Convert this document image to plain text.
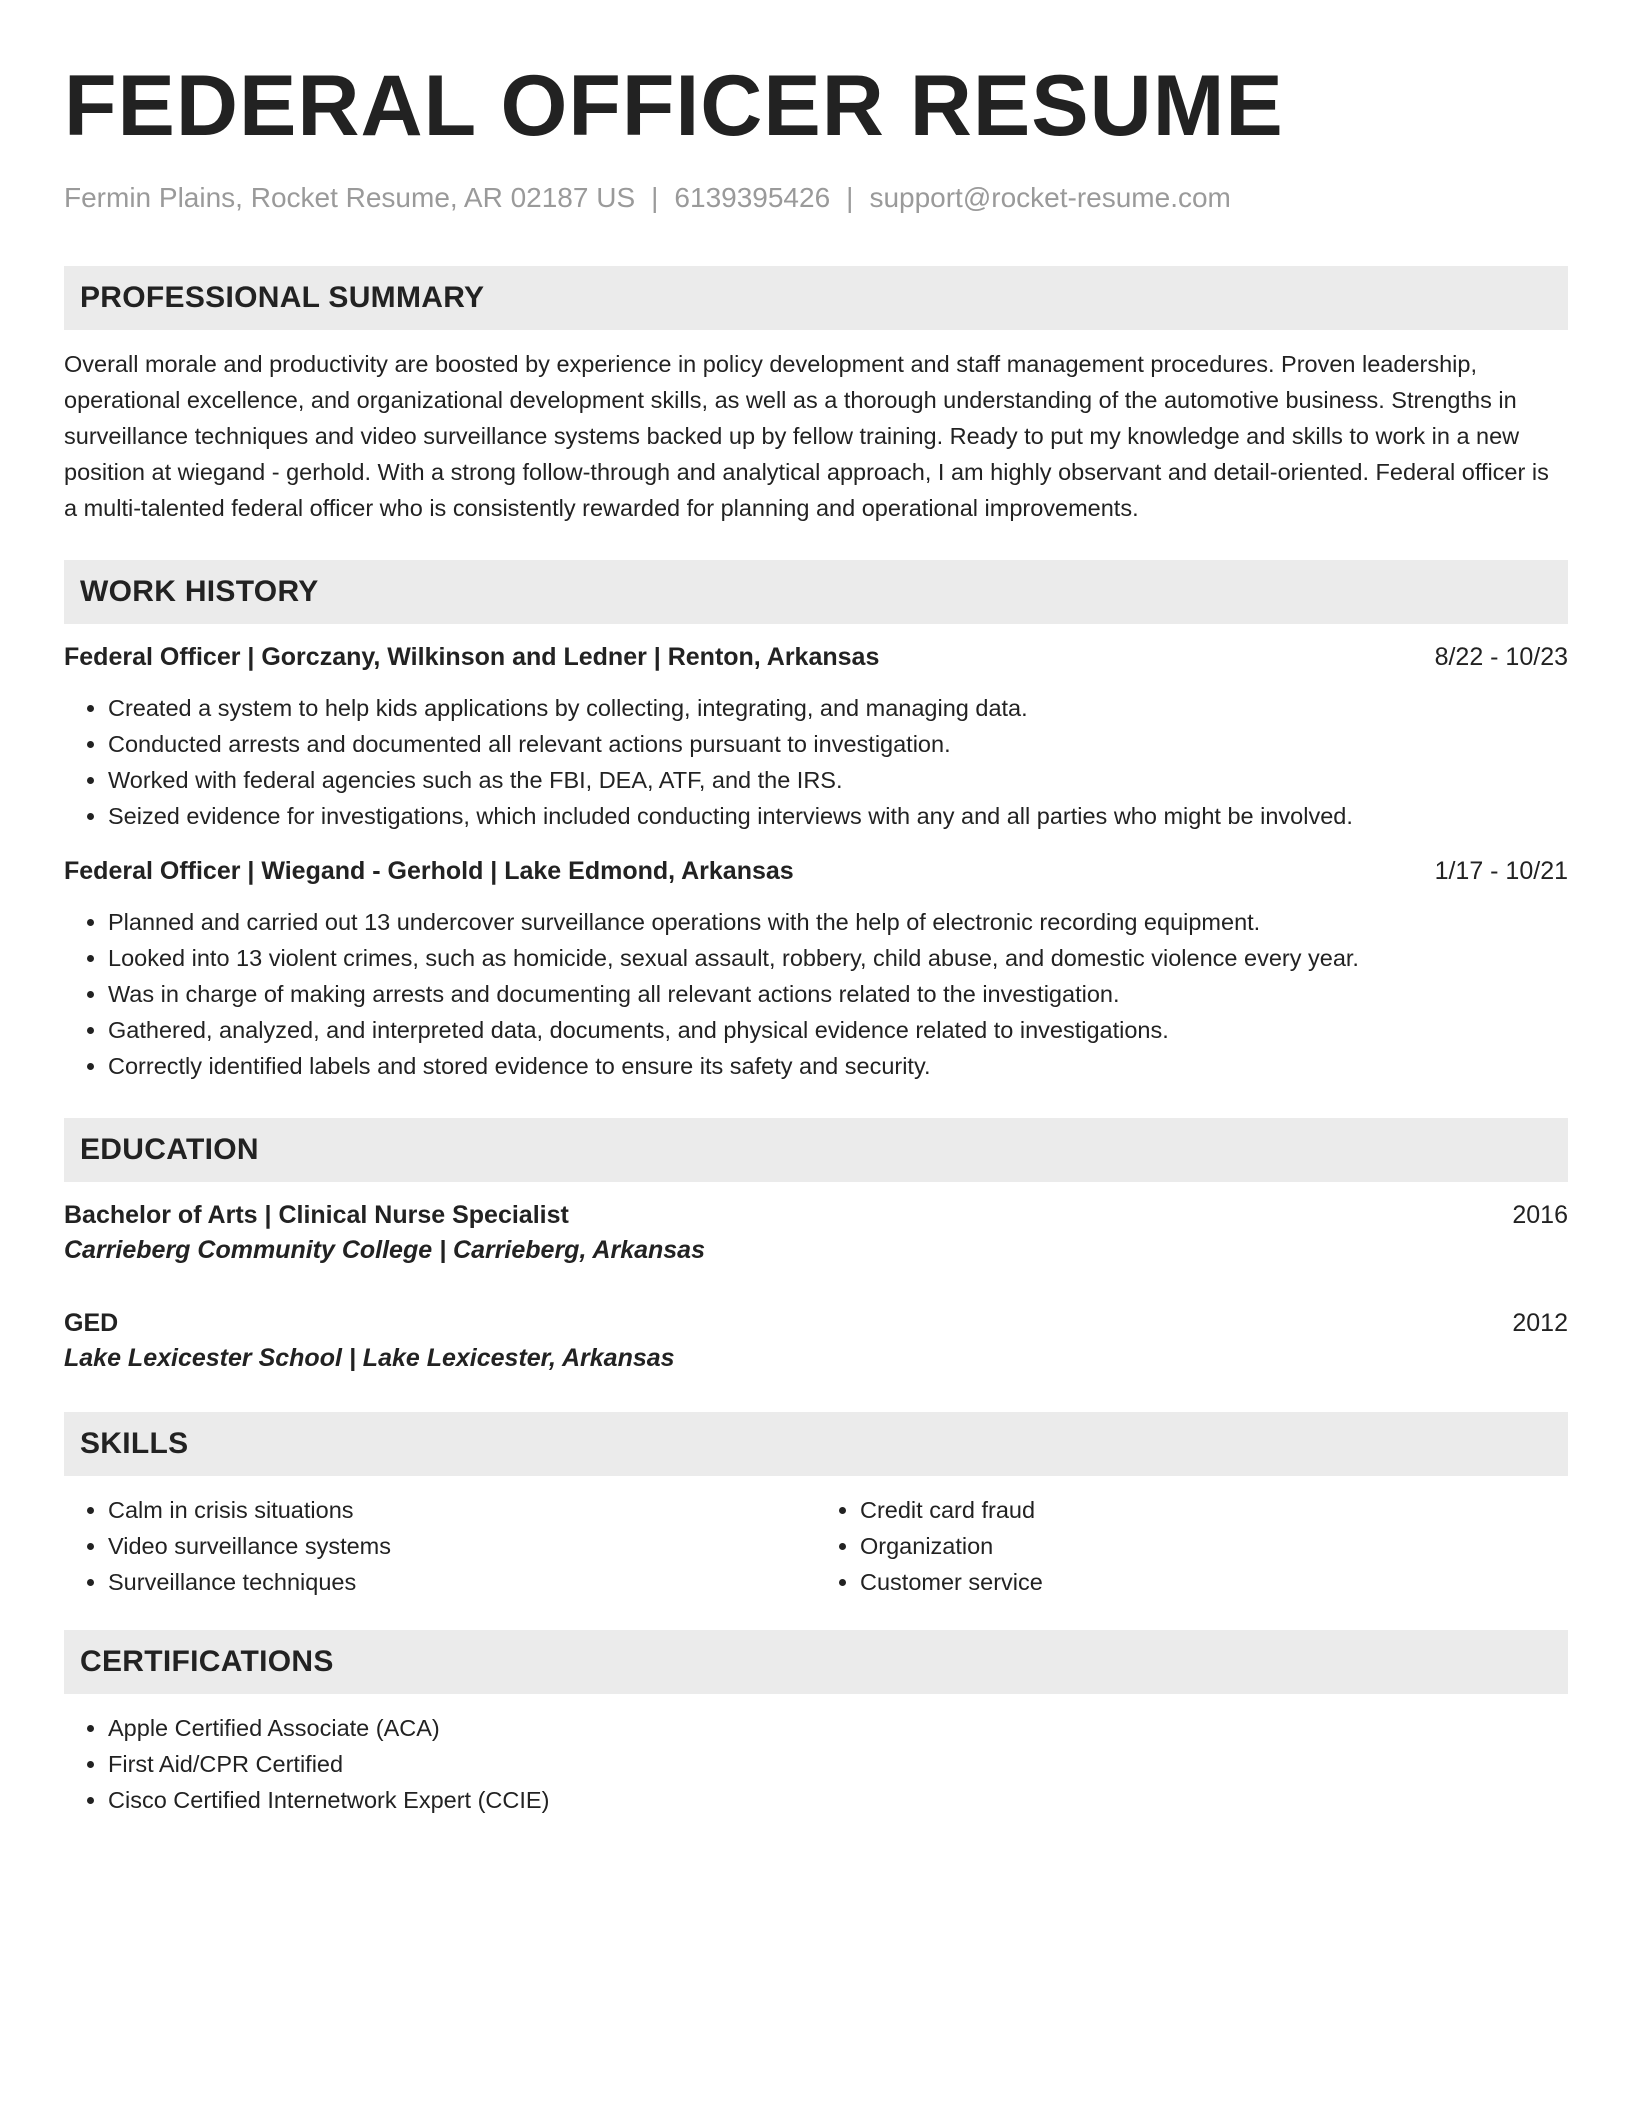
FEDERAL OFFICER RESUME
Fermin Plains, Rocket Resume, AR 02187 US | 6139395426 | support@rocket-resume.com
PROFESSIONAL SUMMARY
Overall morale and productivity are boosted by experience in policy development and staff management procedures. Proven leadership, operational excellence, and organizational development skills, as well as a thorough understanding of the automotive business. Strengths in surveillance techniques and video surveillance systems backed up by fellow training. Ready to put my knowledge and skills to work in a new position at wiegand - gerhold. With a strong follow-through and analytical approach, I am highly observant and detail-oriented. Federal officer is a multi-talented federal officer who is consistently rewarded for planning and operational improvements.
WORK HISTORY
Federal Officer | Gorczany, Wilkinson and Ledner | Renton, Arkansas	8/22 - 10/23
• Created a system to help kids applications by collecting, integrating, and managing data.
• Conducted arrests and documented all relevant actions pursuant to investigation.
• Worked with federal agencies such as the FBI, DEA, ATF, and the IRS.
• Seized evidence for investigations, which included conducting interviews with any and all parties who might be involved.
Federal Officer | Wiegand - Gerhold | Lake Edmond, Arkansas	1/17 - 10/21
• Planned and carried out 13 undercover surveillance operations with the help of electronic recording equipment.
• Looked into 13 violent crimes, such as homicide, sexual assault, robbery, child abuse, and domestic violence every year.
• Was in charge of making arrests and documenting all relevant actions related to the investigation.
• Gathered, analyzed, and interpreted data, documents, and physical evidence related to investigations.
• Correctly identified labels and stored evidence to ensure its safety and security.
EDUCATION
Bachelor of Arts | Clinical Nurse Specialist	2016
Carrieberg Community College | Carrieberg, Arkansas
GED	2012
Lake Lexicester School | Lake Lexicester, Arkansas
SKILLS
• Calm in crisis situations
• Video surveillance systems
• Surveillance techniques
• Credit card fraud
• Organization
• Customer service
CERTIFICATIONS
• Apple Certified Associate (ACA)
• First Aid/CPR Certified
• Cisco Certified Internetwork Expert (CCIE)
